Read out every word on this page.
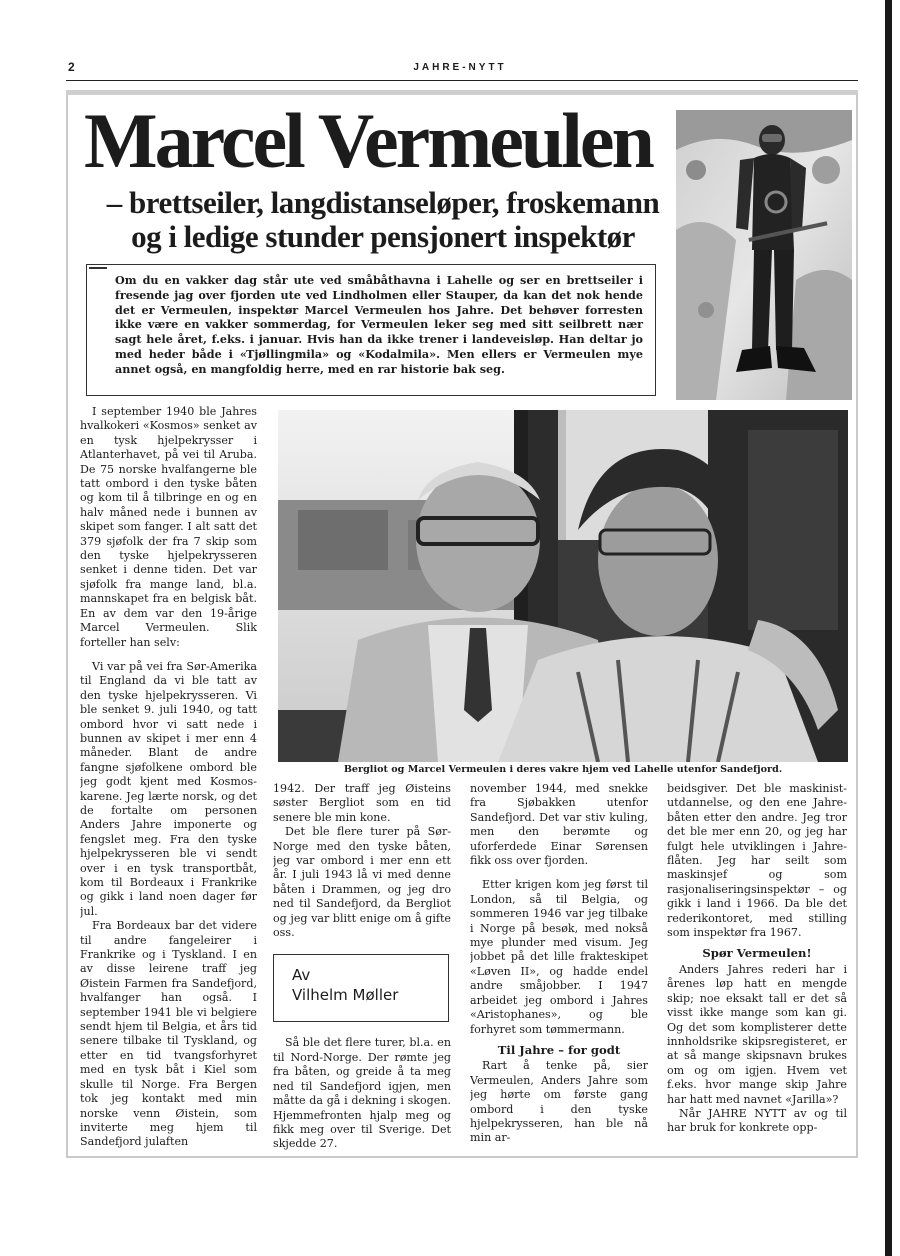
2	JAHRE-NYTT
Marcel Vermeulen
– brettseiler, langdistanseløper, froskemann
og i ledige stunder pensjonert inspektør

Om du en vakker dag står ute ved småbåthavna i Lahelle og ser en brettseiler i fresende jag over fjorden ute ved Lindholmen eller Stauper, da kan det nok hende det er Vermeulen, inspektør Marcel Vermeulen hos Jahre. Det behøver forresten ikke være en vakker sommerdag, for Vermeulen leker seg med sitt seilbrett nær sagt hele året, f.eks. i januar. Hvis han da ikke trener i landeveisløp. Han deltar jo med heder både i «Tjøllingmila» og «Kodalmila». Men ellers er Vermeulen mye annet også, en mangfoldig herre, med en rar historie bak seg.

I september 1940 ble Jahres hvalkokeri «Kosmos» senket av en tysk hjelpekrysser i Atlanterhavet, på vei til Aruba. De 75 norske hvalfangerne ble tatt ombord i den tyske båten og kom til å tilbringe en og en halv måned nede i bunnen av skipet som fanger. I alt satt det 379 sjøfolk der fra 7 skip som den tyske hjelpekrysseren senket i denne tiden. Det var sjøfolk fra mange land, bl.a. mannskapet fra en belgisk båt. En av dem var den 19-årige Marcel Vermeulen. Slik forteller han selv:

Vi var på vei fra Sør-Amerika til England da vi ble tatt av den tyske hjelpekrysseren. Vi ble senket 9. juli 1940, og tatt ombord hvor vi satt nede i bunnen av skipet i mer enn 4 måneder. Blant de andre fangne sjøfolkene ombord ble jeg godt kjent med Kosmos-karene. Jeg lærte norsk, og det de fortalte om personen Anders Jahre imponerte og fengslet meg. Fra den tyske hjelpekrysseren ble vi sendt over i en tysk transportbåt, kom til Bordeaux i Frankrike og gikk i land noen dager før jul.

Fra Bordeaux bar det videre til andre fangeleirer i Frankrike og i Tyskland. I en av disse leirene traff jeg Øistein Farmen fra Sandefjord, hvalfanger han også. I september 1941 ble vi belgiere sendt hjem til Belgia, et års tid senere tilbake til Tyskland, og etter en tid tvangsforhyret med en tysk båt i Kiel som skulle til Norge. Fra Bergen tok jeg kontakt med min norske venn Øistein, som inviterte meg hjem til Sandefjord julaften

Bergliot og Marcel Vermeulen i deres vakre hjem ved Lahelle utenfor Sandefjord.

1942. Der traff jeg Øisteins søster Bergliot som en tid senere ble min kone.

Det ble flere turer på Sør-Norge med den tyske båten, jeg var ombord i mer enn ett år. I juli 1943 lå vi med denne båten i Drammen, og jeg dro ned til Sandefjord, da Bergliot og jeg var blitt enige om å gifte oss.

Av
Vilhelm Møller

Så ble det flere turer, bl.a. en til Nord-Norge. Der rømte jeg fra båten, og greide å ta meg ned til Sandefjord igjen, men måtte da gå i dekning i skogen. Hjemmefronten hjalp meg og fikk meg over til Sverige. Det skjedde 27.

november 1944, med snekke fra Sjøbakken utenfor Sandefjord. Det var stiv kuling, men den berømte og uforferdede Einar Sørensen fikk oss over fjorden.

Etter krigen kom jeg først til London, så til Belgia, og sommeren 1946 var jeg tilbake i Norge på besøk, med nokså mye plunder med visum. Jeg jobbet på det lille frakteskipet «Løven II», og hadde endel andre småjobber. I 1947 arbeidet jeg ombord i Jahres «Aristophanes», og ble forhyret som tømmermann.

Til Jahre – for godt

Rart å tenke på, sier Vermeulen, Anders Jahre som jeg hørte om første gang ombord i den tyske hjelpekrysseren, han ble nå min ar-

beidsgiver. Det ble maskinist-utdannelse, og den ene Jahre-båten etter den andre. Jeg tror det ble mer enn 20, og jeg har fulgt hele utviklingen i Jahre-flåten. Jeg har seilt som maskinsjef og som rasjonaliseringsinspektør – og gikk i land i 1966. Da ble det rederikontoret, med stilling som inspektør fra 1967.

Spør Vermeulen!

Anders Jahres rederi har i årenes løp hatt en mengde skip; noe eksakt tall er det så visst ikke mange som kan gi. Og det som komplisterer dette innholdsrike skipsregisteret, er at så mange skipsnavn brukes om og om igjen. Hvem vet f.eks. hvor mange skip Jahre har hatt med navnet «Jarilla»?

Når JAHRE NYTT av og til har bruk for konkrete opp-
